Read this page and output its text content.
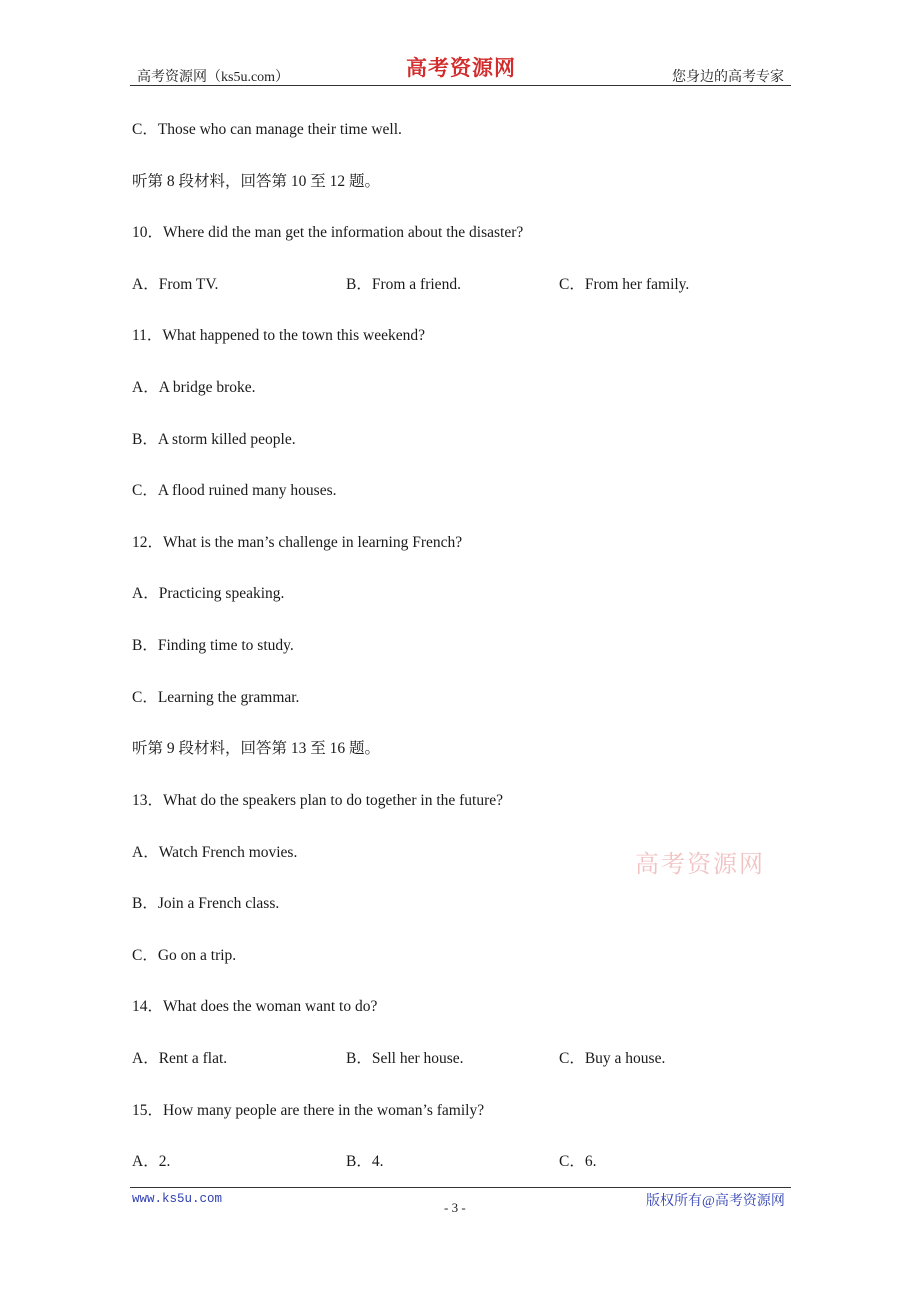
高考资源网（ks5u.com）	高考资源网	您身边的高考专家
C．Those who can manage their time well.
听第 8 段材料，回答第 10 至 12 题。
10．Where did the man get the information about the disaster?
A．From TV.	B．From a friend.	C．From her family.
11．What happened to the town this weekend?
A．A bridge broke.
B．A storm killed people.
C．A flood ruined many houses.
12．What is the man’s challenge in learning French?
A．Practicing speaking.
B．Finding time to study.
C．Learning the grammar.
听第 9 段材料，回答第 13 至 16 题。
13．What do the speakers plan to do together in the future?
A．Watch French movies.
B．Join a French class.
C．Go on a trip.
14．What does the woman want to do?
A．Rent a flat.	B．Sell her house.	C．Buy a house.
15．How many people are there in the woman’s family?
A．2.	B．4.	C．6.
高考资源网
www.ks5u.com
- 3 -	版权所有@高考资源网
